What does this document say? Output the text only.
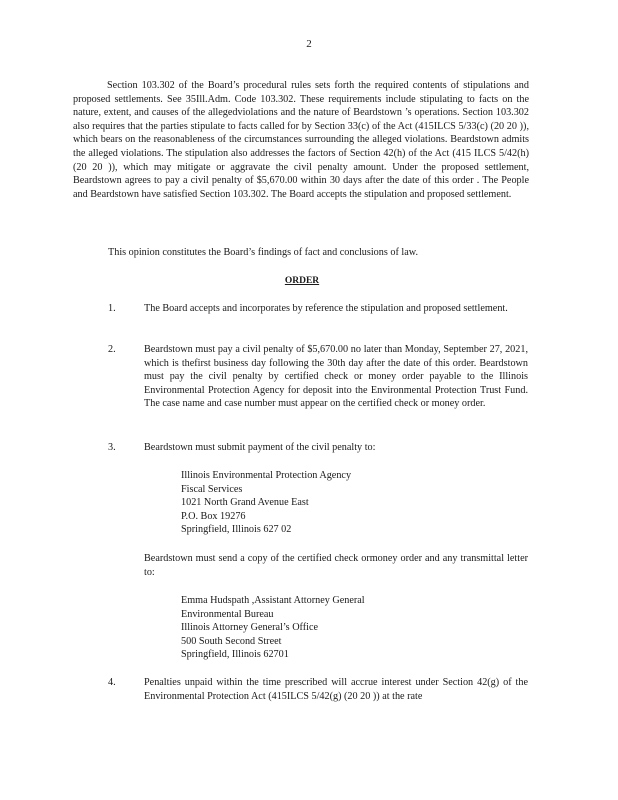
2
Section 103.302 of the Board’s procedural rules sets forth the required contents of stipulations and proposed settlements. See 35Ill.Adm. Code 103.302. These requirements include stipulating to facts on the nature, extent, and causes of the allegedviolations and the nature of Beardstown ’s operations. Section 103.302 also requires that the parties stipulate to facts called for by Section 33(c) of the Act (415ILCS 5/33(c) (20 20 )), which bears on the reasonableness of the circumstances surrounding the alleged violations. Beardstown admits the alleged violations. The stipulation also addresses the factors of Section 42(h) of the Act (415 ILCS 5/42(h) (20 20 )), which may mitigate or aggravate the civil penalty amount. Under the proposed settlement, Beardstown agrees to pay a civil penalty of $5,670.00 within 30 days after the date of this order . The People and Beardstown have satisfied Section 103.302. The Board accepts the stipulation and proposed settlement.
This opinion constitutes the Board’s findings of fact and conclusions of law.
ORDER
1.	The Board accepts and incorporates by reference the stipulation and proposed settlement.
2.	Beardstown must pay a civil penalty of $5,670.00 no later than Monday, September 27, 2021, which is thefirst business day following the 30th day after the date of this order. Beardstown must pay the civil penalty by certified check or money order payable to the Illinois Environmental Protection Agency for deposit into the Environmental Protection Trust Fund. The case name and case number must appear on the certified check or money order.
3.	Beardstown must submit payment of the civil penalty to:
Illinois Environmental Protection Agency
Fiscal Services
1021 North Grand Avenue East
P.O. Box 19276
Springfield, Illinois 627 02
Beardstown must send a copy of the certified check ormoney order and any transmittal letter to:
Emma Hudspath ,Assistant Attorney General
Environmental Bureau
Illinois Attorney General’s Office
500 South Second Street
Springfield, Illinois 62701
4.	Penalties unpaid within the time prescribed will accrue interest under Section 42(g) of the Environmental Protection Act (415ILCS 5/42(g) (20 20 )) at the rate
